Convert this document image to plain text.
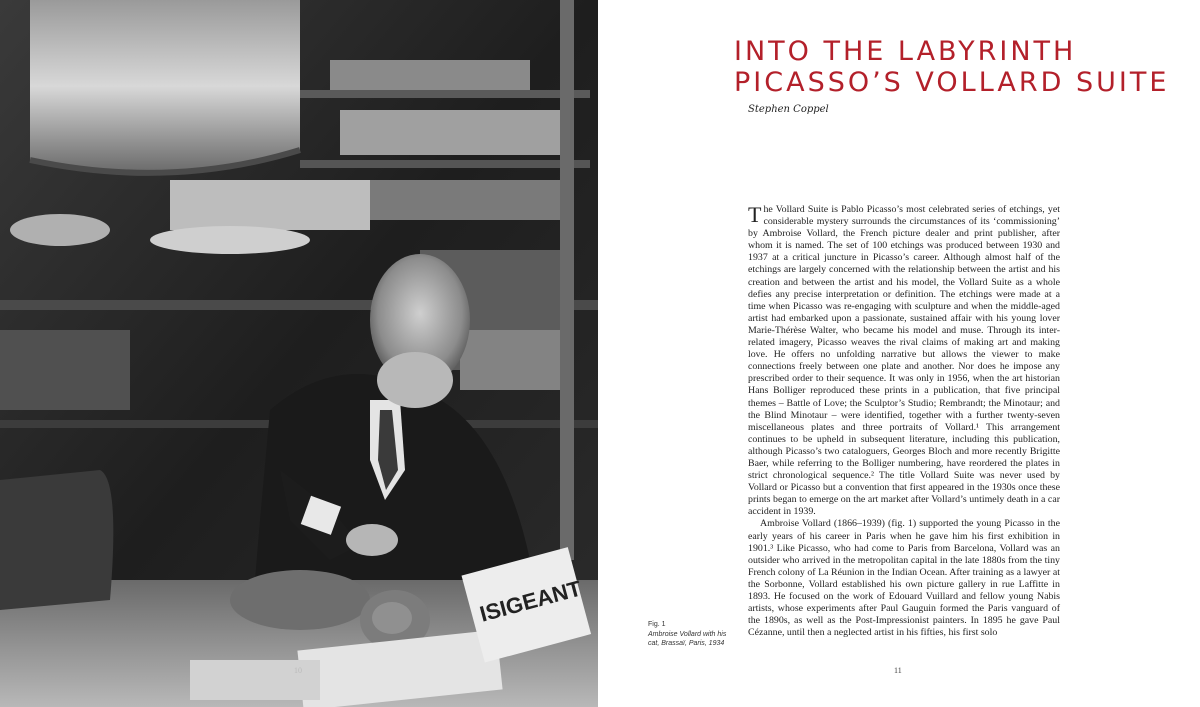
ISIGEANT
10
INTO THE LABYRINTH
PICASSO’S VOLLARD SUITE
Stephen Coppel
Fig. 1
Ambroise Vollard with his cat, Brassaï, Paris, 1934

The Vollard Suite is Pablo Picasso’s most celebrated series of etchings, yet considerable mystery surrounds the circumstances of its ‘commissioning’ by Ambroise Vollard, the French picture dealer and print publisher, after whom it is named. The set of 100 etchings was produced between 1930 and 1937 at a critical juncture in Picasso’s career. Although almost half of the etchings are largely concerned with the relationship between the artist and his creation and between the artist and his model, the Vollard Suite as a whole defies any precise interpretation or definition. The etchings were made at a time when Picasso was re-engaging with sculpture and when the middle-aged artist had embarked upon a passionate, sustained affair with his young lover Marie-Thérèse Walter, who became his model and muse. Through its inter-related imagery, Picasso weaves the rival claims of making art and making love. He offers no unfolding narrative but allows the viewer to make connections freely between one plate and another. Nor does he impose any prescribed order to their sequence. It was only in 1956, when the art historian Hans Bolliger reproduced these prints in a publication, that five principal themes – Battle of Love; the Sculptor’s Studio; Rembrandt; the Minotaur; and the Blind Minotaur – were identified, together with a further twenty-seven miscellaneous plates and three portraits of Vollard.¹ This arrangement continues to be upheld in subsequent literature, including this publication, although Picasso’s two cataloguers, Georges Bloch and more recently Brigitte Baer, while referring to the Bolliger numbering, have reordered the plates in strict chronological sequence.² The title Vollard Suite was never used by Vollard or Picasso but a convention that first appeared in the 1930s once these prints began to emerge on the art market after Vollard’s untimely death in a car accident in 1939.

Ambroise Vollard (1866–1939) (fig. 1) supported the young Picasso in the early years of his career in Paris when he gave him his first exhibition in 1901.³ Like Picasso, who had come to Paris from Barcelona, Vollard was an outsider who arrived in the metropolitan capital in the late 1880s from the tiny French colony of La Réunion in the Indian Ocean. After training as a lawyer at the Sorbonne, Vollard established his own picture gallery in rue Laffitte in 1893. He focused on the work of Edouard Vuillard and fellow young Nabis artists, whose experiments after Paul Gauguin formed the Paris vanguard of the 1890s, as well as the Post-Impressionist painters. In 1895 he gave Paul Cézanne, until then a neglected artist in his fifties, his first solo

11
